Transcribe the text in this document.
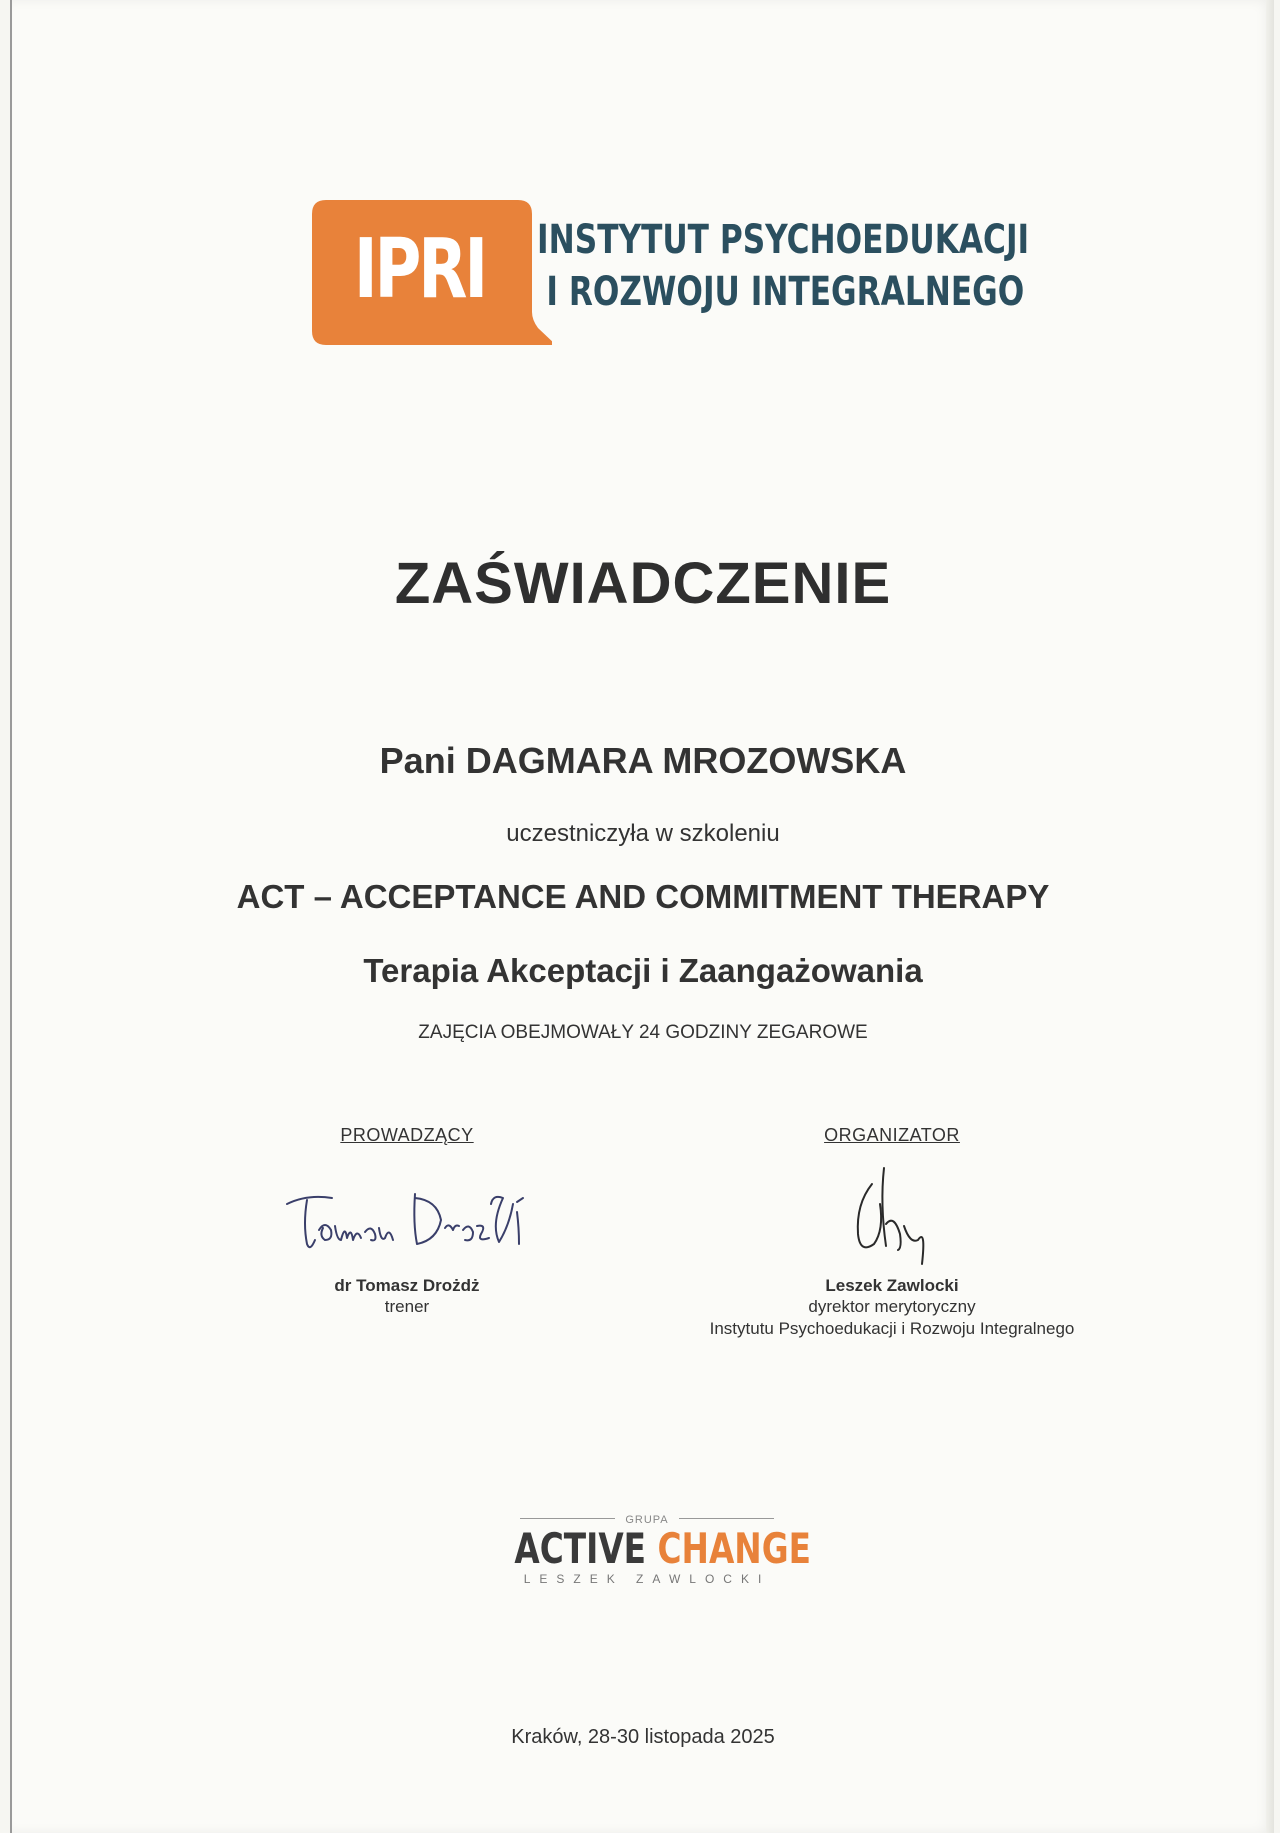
IPRI	INSTYTUT PSYCHOEDUKACJI
I ROZWOJU INTEGRALNEGO
ZAŚWIADCZENIE
Pani DAGMARA MROZOWSKA
uczestniczyła w szkoleniu
ACT – ACCEPTANCE AND COMMITMENT THERAPY
Terapia Akceptacji i Zaangażowania
ZAJĘCIA OBEJMOWAŁY 24 GODZINY ZEGAROWE
PROWADZĄCY
dr Tomasz Drożdż
trener
ORGANIZATOR
Leszek Zawlocki
dyrektor merytoryczny
Instytutu Psychoedukacji i Rozwoju Integralnego
GRUPA
ACTIVE CHANGE
LESZEK ZAWLOCKI
Kraków, 28-30 listopada 2025
